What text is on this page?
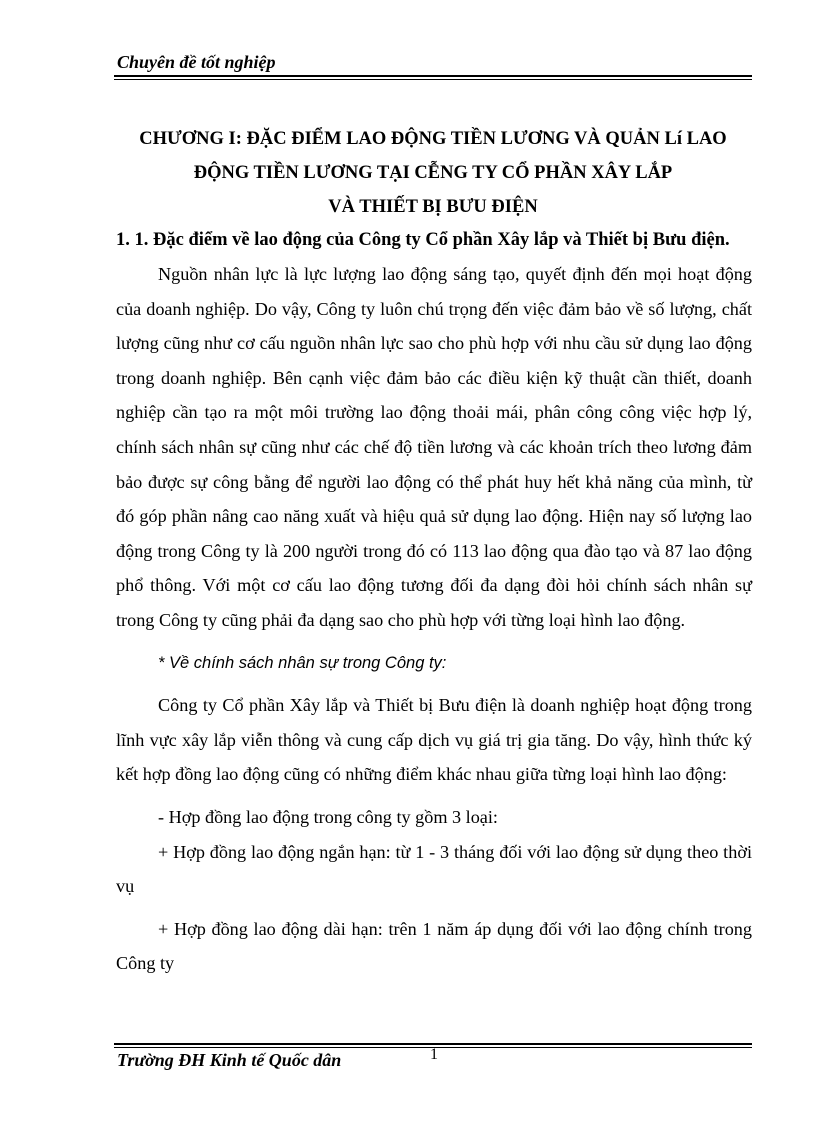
Chuyên đề tốt nghiệp

CHƯƠNG I: ĐẶC ĐIỂM LAO ĐỘNG TIỀN LƯƠNG VÀ QUẢN Lí LAO
ĐỘNG TIỀN LƯƠNG TẠI CỄNG TY CỔ PHẦN XÂY LẮP
VÀ THIẾT BỊ BƯU ĐIỆN
1. 1. Đặc điểm về lao động của Công ty Cổ phần Xây lắp và Thiết bị Bưu điện.

Nguồn nhân lực là lực lượng lao động sáng tạo, quyết định đến mọi hoạt động của doanh nghiệp. Do vậy, Công ty luôn chú trọng đến việc đảm bảo về số lượng, chất lượng cũng như cơ cấu nguồn nhân lực sao cho phù hợp với nhu cầu sử dụng lao động trong doanh nghiệp. Bên cạnh việc đảm bảo các điều kiện kỹ thuật cần thiết, doanh nghiệp cần tạo ra một môi trường lao động thoải mái, phân công công việc hợp lý, chính sách nhân sự cũng như các chế độ tiền lương và các khoản trích theo lương đảm bảo được sự công bằng để người lao động có thể phát huy hết khả năng của mình, từ đó góp phần nâng cao năng xuất và hiệu quả sử dụng lao động. Hiện nay số lượng lao động trong Công ty là 200 người trong đó có 113 lao động qua đào tạo và 87 lao động phổ thông. Với một cơ cấu lao động tương đối đa dạng đòi hỏi chính sách nhân sự trong Công ty cũng phải đa dạng sao cho phù hợp với từng loại hình lao động.

* Về chính sách nhân sự trong Công ty:

Công ty Cổ phần Xây lắp và Thiết bị Bưu điện là doanh nghiệp hoạt động trong lĩnh vực xây lắp viễn thông và cung cấp dịch vụ giá trị gia tăng. Do vậy, hình thức ký kết hợp đồng lao động cũng có những điểm khác nhau giữa từng loại hình lao động:

- Hợp đồng lao động trong công ty gồm 3 loại:

+ Hợp đồng lao động ngắn hạn: từ 1 - 3 tháng đối với lao động sử dụng theo thời vụ

+ Hợp đồng lao động dài hạn: trên 1 năm áp dụng đối với lao động chính trong Công ty

Trường ĐH Kinh tế Quốc dân	1
